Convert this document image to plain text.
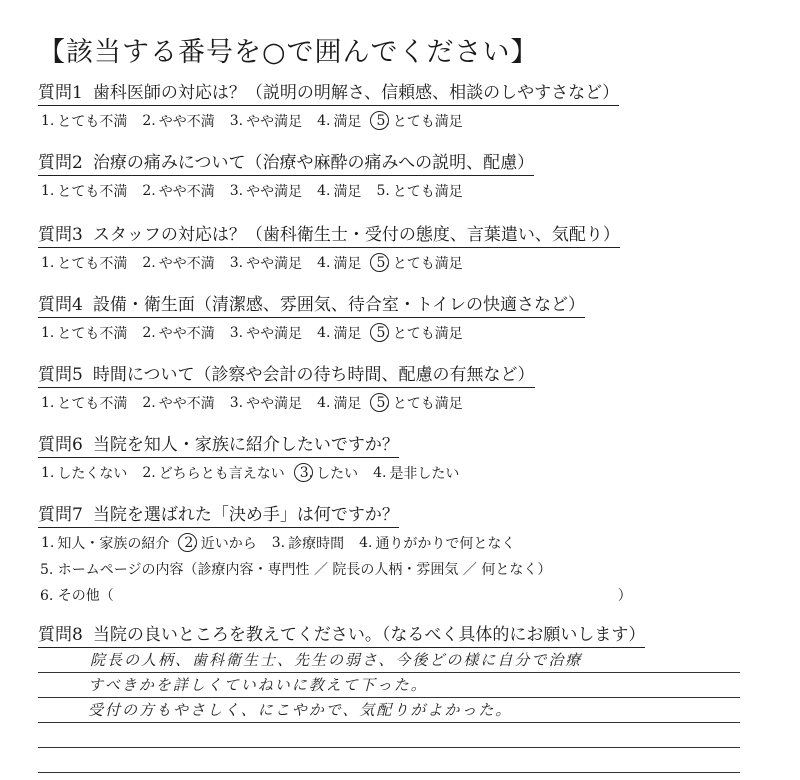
【該当する番号を○で囲んでください】
質問1 歯科医師の対応は？（説明の明解さ、信頼感、相談のしやすさなど）
1. とても不満 2. やや不満 3. やや満足 4. 満足 5. とても満足
質問2 治療の痛みについて（治療や麻酔の痛みへの説明、配慮）
1. とても不満 2. やや不満 3. やや満足 4. 満足 5. とても満足
質問3 スタッフの対応は？（歯科衛生士・受付の態度、言葉遣い、気配り）
1. とても不満 2. やや不満 3. やや満足 4. 満足 5. とても満足
質問4 設備・衛生面（清潔感、雰囲気、待合室・トイレの快適さなど）
1. とても不満 2. やや不満 3. やや満足 4. 満足 5. とても満足
質問5 時間について（診察や会計の待ち時間、配慮の有無など）
1. とても不満 2. やや不満 3. やや満足 4. 満足 5. とても満足
質問6 当院を知人・家族に紹介したいですか？
1. したくない 2. どちらとも言えない 3. したい 4. 是非したい
質問7 当院を選ばれた「決め手」は何ですか？
1. 知人・家族の紹介 2. 近いから 3. 診療時間 4. 通りがかりで何となく
5. ホームページの内容（診療内容・専門性 ／ 院長の人柄・雰囲気 ／ 何となく）
6. その他（　　　　　　　　　　　　　　　　　　　　　　　　　　　　　　　　　　　　）
質問8 当院の良いところを教えてください。（なるべく具体的にお願いします）
院長の人柄、歯科衛生士、先生の弱さ、今後どの様に自分で治療
すべきかを詳しくていねいに教えて下った。
受付の方もやさしく、にこやかで、気配りがよかった。
